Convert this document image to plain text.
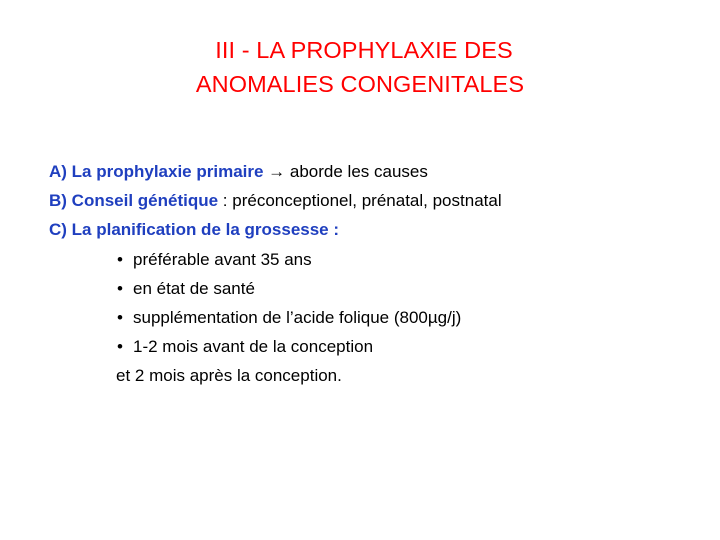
III - LA PROPHYLAXIE DES
ANOMALIES CONGENITALES
A) La prophylaxie primaire → aborde les causes
B) Conseil génétique : préconceptionel, prénatal, postnatal
C) La planification de la grossesse :
• préférable avant 35 ans
• en état de santé
• supplémentation de l’acide folique (800µg/j)
• 1-2 mois avant de la conception
et 2 mois après la conception.
